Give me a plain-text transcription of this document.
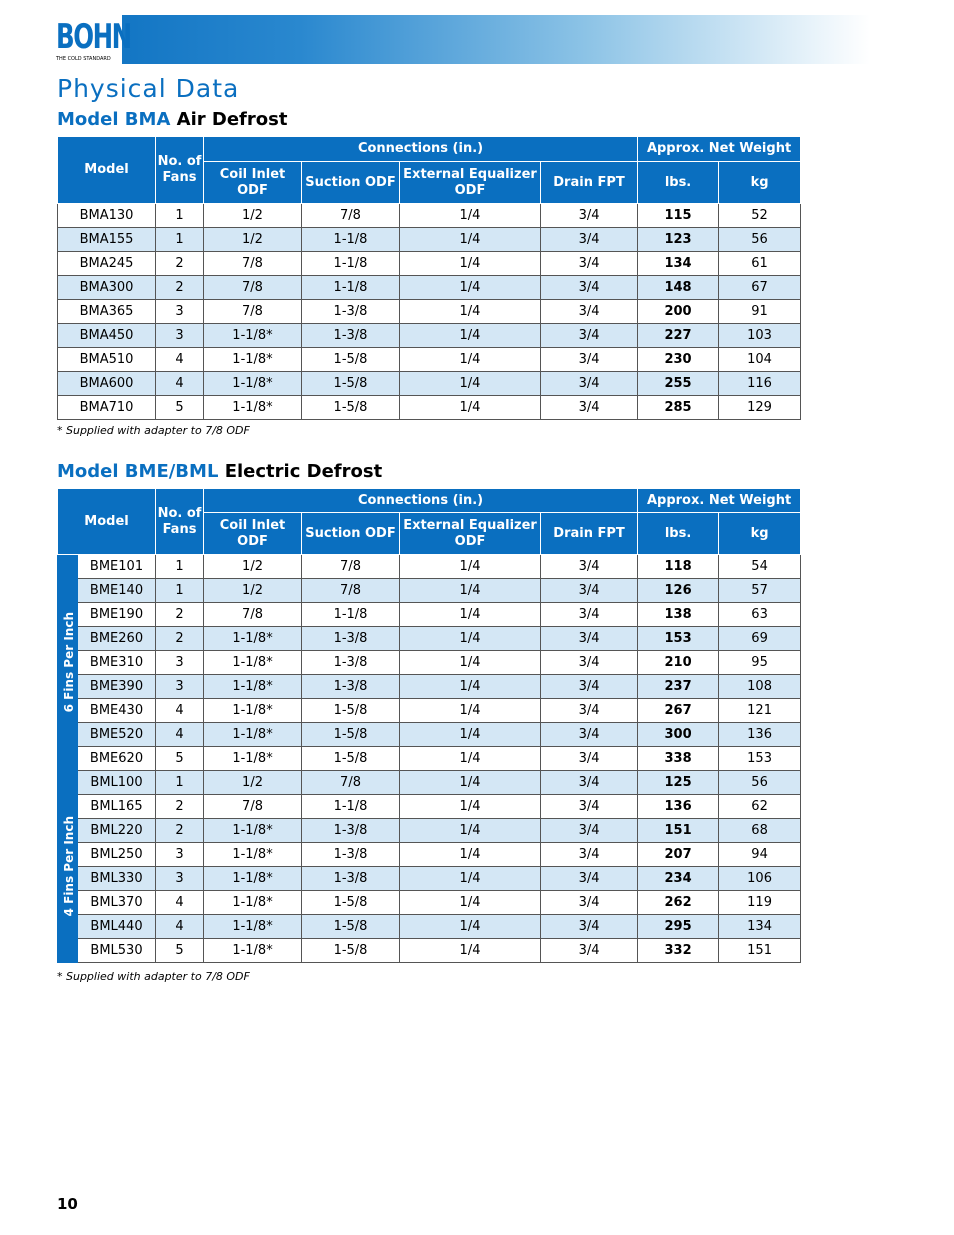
BOHN
THE COLD STANDARD
Physical Data
Model BMA Air Defrost
Model	No. of Fans	Connections (in.)				Approx. Net Weight	
		Coil Inlet ODF	Suction ODF	External Equalizer ODF	Drain FPT	lbs.	kg
BMA130	1	1/2	7/8	1/4	3/4	115	52
BMA155	1	1/2	1-1/8	1/4	3/4	123	56
BMA245	2	7/8	1-1/8	1/4	3/4	134	61
BMA300	2	7/8	1-1/8	1/4	3/4	148	67
BMA365	3	7/8	1-3/8	1/4	3/4	200	91
BMA450	3	1-1/8*	1-3/8	1/4	3/4	227	103
BMA510	4	1-1/8*	1-5/8	1/4	3/4	230	104
BMA600	4	1-1/8*	1-5/8	1/4	3/4	255	116
BMA710	5	1-1/8*	1-5/8	1/4	3/4	285	129
* Supplied with adapter to 7/8 ODF
Model BME/BML Electric Defrost
Model		No. of Fans	Connections (in.)				Approx. Net Weight	
			Coil Inlet ODF	Suction ODF	External Equalizer ODF	Drain FPT	lbs.	kg

6 Fins Per Inch	BME101	1	1/2	7/8	1/4	3/4	118	54
	BME140	1	1/2	7/8	1/4	3/4	126	57
	BME190	2	7/8	1-1/8	1/4	3/4	138	63
	BME260	2	1-1/8*	1-3/8	1/4	3/4	153	69
	BME310	3	1-1/8*	1-3/8	1/4	3/4	210	95
	BME390	3	1-1/8*	1-3/8	1/4	3/4	237	108
	BME430	4	1-1/8*	1-5/8	1/4	3/4	267	121
	BME520	4	1-1/8*	1-5/8	1/4	3/4	300	136
	BME620	5	1-1/8*	1-5/8	1/4	3/4	338	153

4 Fins Per Inch	BML100	1	1/2	7/8	1/4	3/4	125	56
	BML165	2	7/8	1-1/8	1/4	3/4	136	62
	BML220	2	1-1/8*	1-3/8	1/4	3/4	151	68
	BML250	3	1-1/8*	1-3/8	1/4	3/4	207	94
	BML330	3	1-1/8*	1-3/8	1/4	3/4	234	106
	BML370	4	1-1/8*	1-5/8	1/4	3/4	262	119
	BML440	4	1-1/8*	1-5/8	1/4	3/4	295	134
	BML530	5	1-1/8*	1-5/8	1/4	3/4	332	151
* Supplied with adapter to 7/8 ODF
10
